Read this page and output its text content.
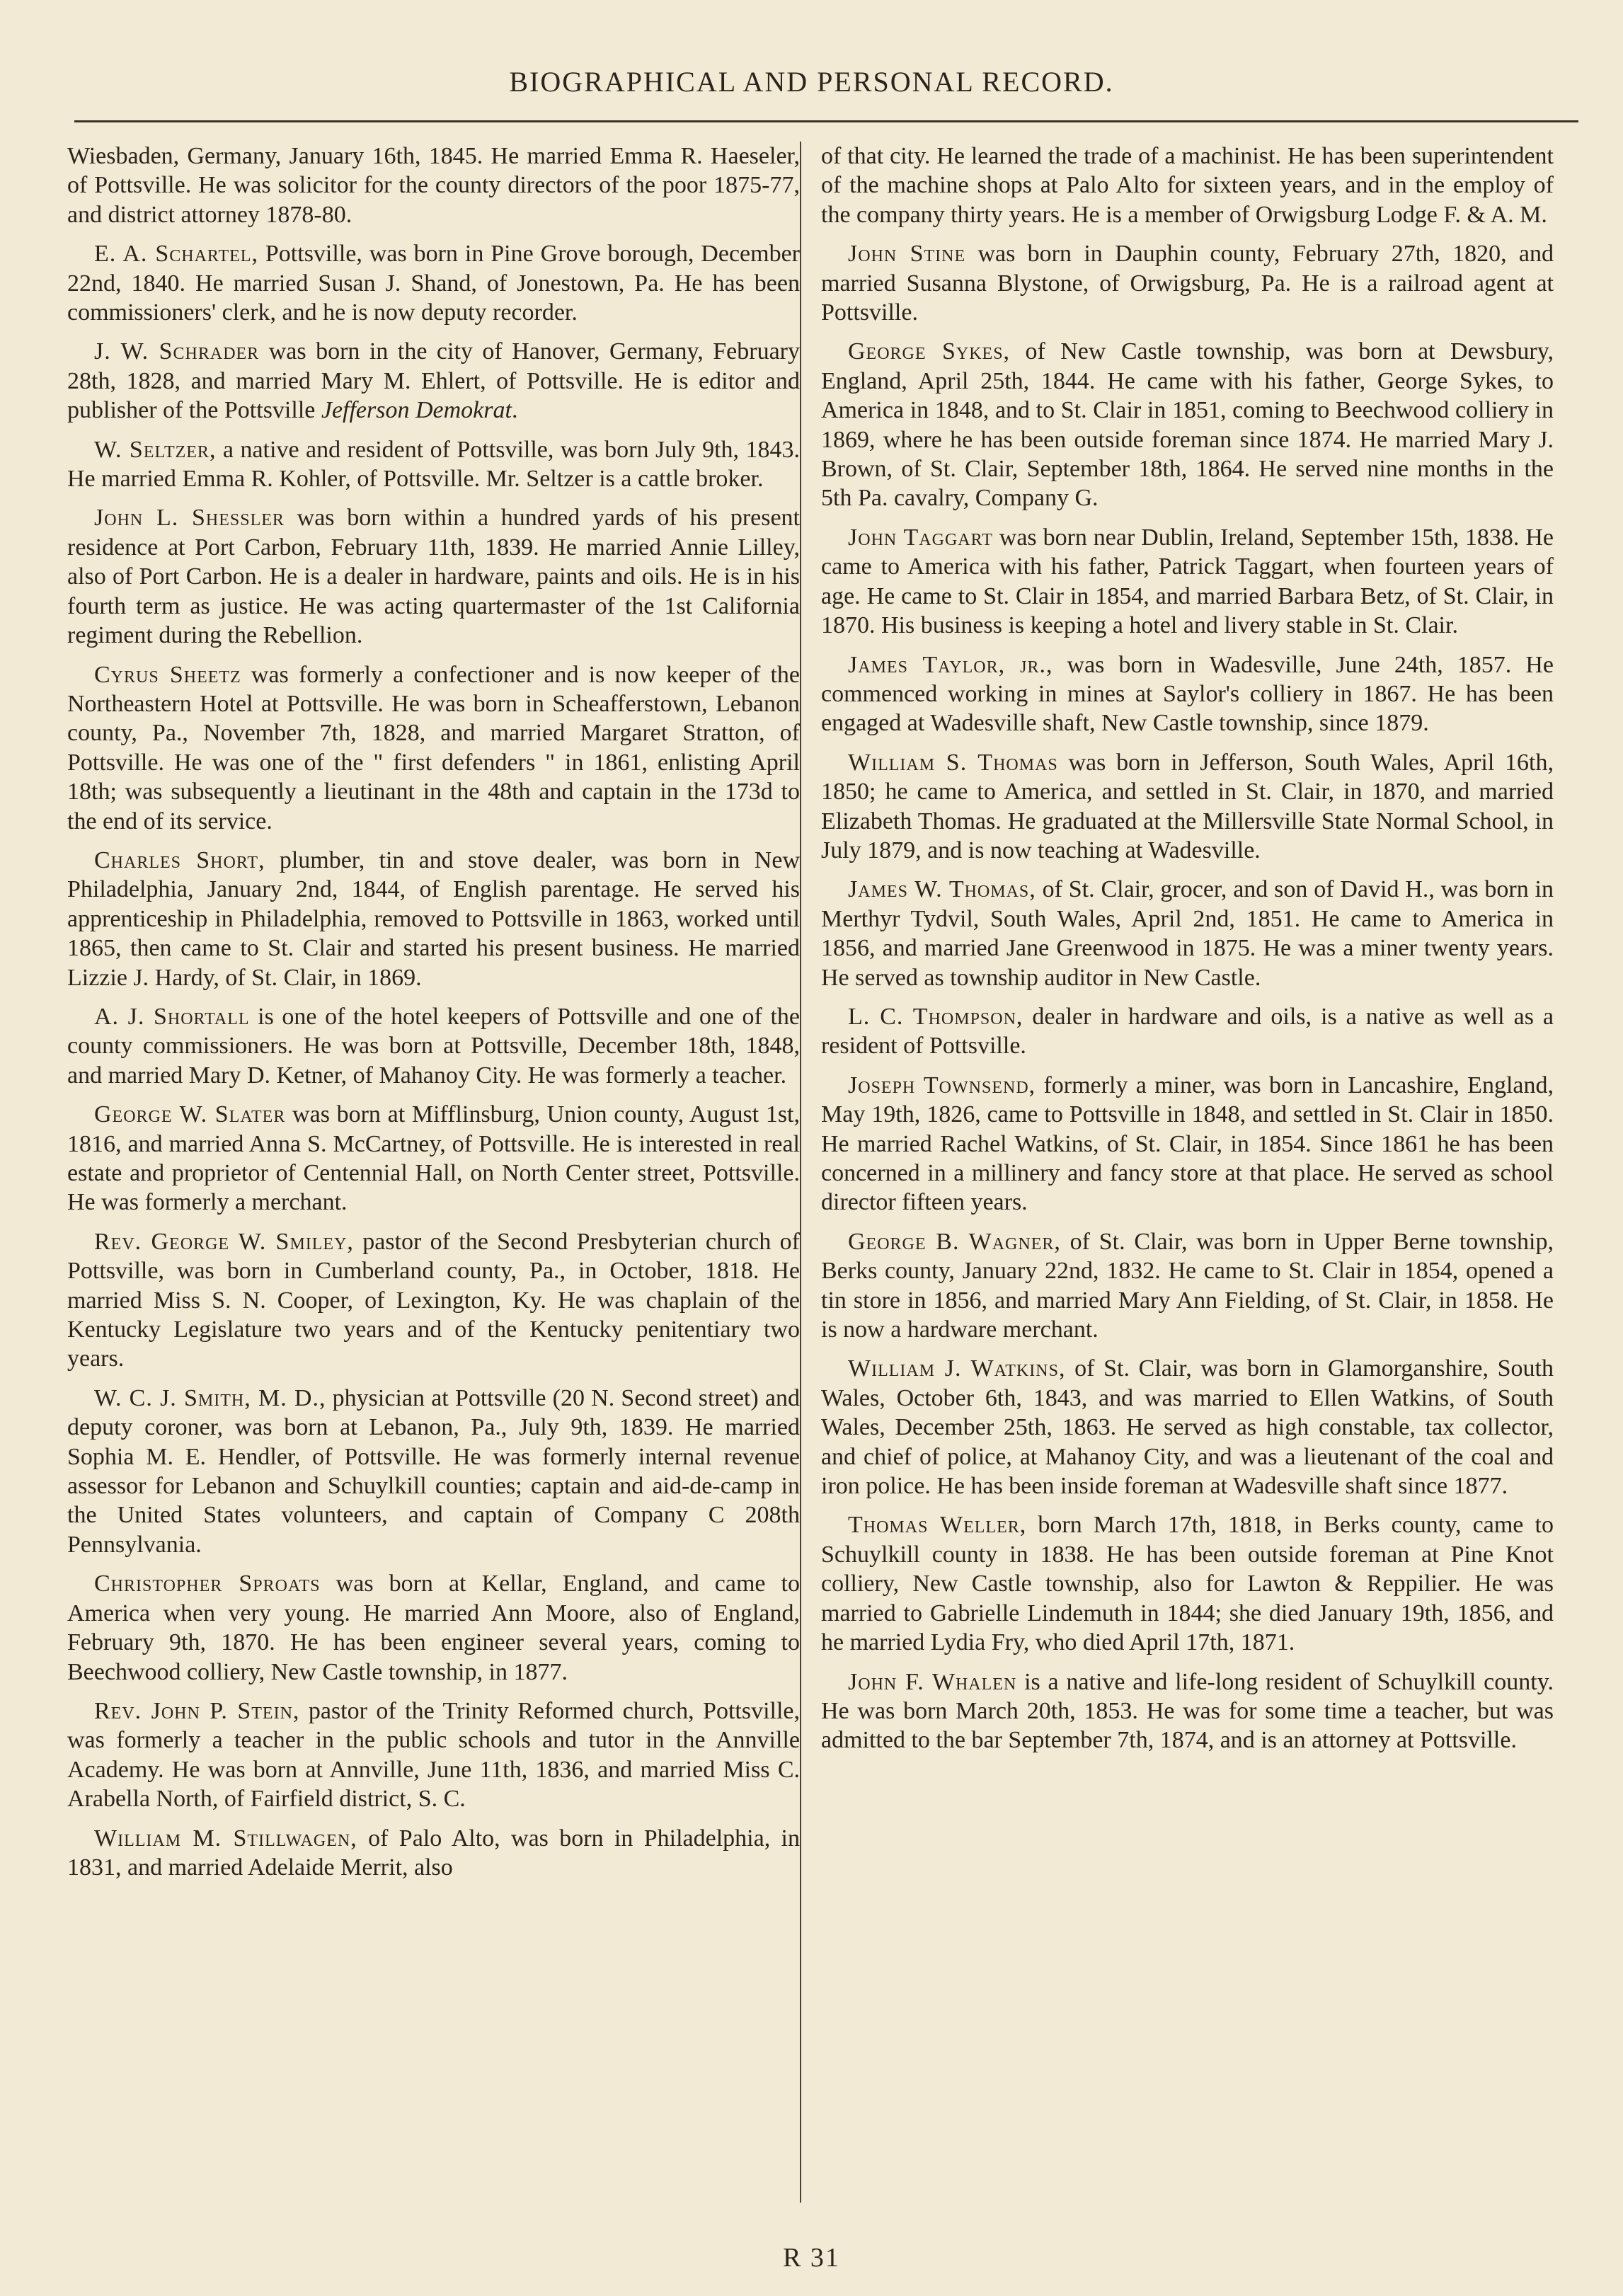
BIOGRAPHICAL AND PERSONAL RECORD.

Wiesbaden, Germany, January 16th, 1845. He married Emma R. Haeseler, of Pottsville. He was solicitor for the county directors of the poor 1875-77, and district attorney 1878-80.

E. A. Schartel, Pottsville, was born in Pine Grove borough, December 22nd, 1840. He married Susan J. Shand, of Jonestown, Pa. He has been commissioners' clerk, and he is now deputy recorder.

J. W. Schrader was born in the city of Hanover, Germany, February 28th, 1828, and married Mary M. Ehlert, of Pottsville. He is editor and publisher of the Pottsville Jefferson Demokrat.

W. Seltzer, a native and resident of Pottsville, was born July 9th, 1843. He married Emma R. Kohler, of Pottsville. Mr. Seltzer is a cattle broker.

John L. Shessler was born within a hundred yards of his present residence at Port Carbon, February 11th, 1839. He married Annie Lilley, also of Port Carbon. He is a dealer in hardware, paints and oils. He is in his fourth term as justice. He was acting quartermaster of the 1st California regiment during the Rebellion.

Cyrus Sheetz was formerly a confectioner and is now keeper of the Northeastern Hotel at Pottsville. He was born in Scheafferstown, Lebanon county, Pa., November 7th, 1828, and married Margaret Stratton, of Pottsville. He was one of the " first defenders " in 1861, enlisting April 18th; was subsequently a lieutinant in the 48th and captain in the 173d to the end of its service.

Charles Short, plumber, tin and stove dealer, was born in New Philadelphia, January 2nd, 1844, of English parentage. He served his apprenticeship in Philadelphia, removed to Pottsville in 1863, worked until 1865, then came to St. Clair and started his present business. He married Lizzie J. Hardy, of St. Clair, in 1869.

A. J. Shortall is one of the hotel keepers of Pottsville and one of the county commissioners. He was born at Pottsville, December 18th, 1848, and married Mary D. Ketner, of Mahanoy City. He was formerly a teacher.

George W. Slater was born at Mifflinsburg, Union county, August 1st, 1816, and married Anna S. McCartney, of Pottsville. He is interested in real estate and proprietor of Centennial Hall, on North Center street, Pottsville. He was formerly a merchant.

Rev. George W. Smiley, pastor of the Second Presbyterian church of Pottsville, was born in Cumberland county, Pa., in October, 1818. He married Miss S. N. Cooper, of Lexington, Ky. He was chaplain of the Kentucky Legislature two years and of the Kentucky penitentiary two years.

W. C. J. Smith, M. D., physician at Pottsville (20 N. Second street) and deputy coroner, was born at Lebanon, Pa., July 9th, 1839. He married Sophia M. E. Hendler, of Pottsville. He was formerly internal revenue assessor for Lebanon and Schuylkill counties; captain and aid-de-camp in the United States volunteers, and captain of Company C 208th Pennsylvania.

Christopher Sproats was born at Kellar, England, and came to America when very young. He married Ann Moore, also of England, February 9th, 1870. He has been engineer several years, coming to Beechwood colliery, New Castle township, in 1877.

Rev. John P. Stein, pastor of the Trinity Reformed church, Pottsville, was formerly a teacher in the public schools and tutor in the Annville Academy. He was born at Annville, June 11th, 1836, and married Miss C. Arabella North, of Fairfield district, S. C.

William M. Stillwagen, of Palo Alto, was born in Philadelphia, in 1831, and married Adelaide Merrit, also

of that city. He learned the trade of a machinist. He has been superintendent of the machine shops at Palo Alto for sixteen years, and in the employ of the company thirty years. He is a member of Orwigsburg Lodge F. & A. M.

John Stine was born in Dauphin county, February 27th, 1820, and married Susanna Blystone, of Orwigsburg, Pa. He is a railroad agent at Pottsville.

George Sykes, of New Castle township, was born at Dewsbury, England, April 25th, 1844. He came with his father, George Sykes, to America in 1848, and to St. Clair in 1851, coming to Beechwood colliery in 1869, where he has been outside foreman since 1874. He married Mary J. Brown, of St. Clair, September 18th, 1864. He served nine months in the 5th Pa. cavalry, Company G.

John Taggart was born near Dublin, Ireland, September 15th, 1838. He came to America with his father, Patrick Taggart, when fourteen years of age. He came to St. Clair in 1854, and married Barbara Betz, of St. Clair, in 1870. His business is keeping a hotel and livery stable in St. Clair.

James Taylor, jr., was born in Wadesville, June 24th, 1857. He commenced working in mines at Saylor's colliery in 1867. He has been engaged at Wadesville shaft, New Castle township, since 1879.

William S. Thomas was born in Jefferson, South Wales, April 16th, 1850; he came to America, and settled in St. Clair, in 1870, and married Elizabeth Thomas. He graduated at the Millersville State Normal School, in July 1879, and is now teaching at Wadesville.

James W. Thomas, of St. Clair, grocer, and son of David H., was born in Merthyr Tydvil, South Wales, April 2nd, 1851. He came to America in 1856, and married Jane Greenwood in 1875. He was a miner twenty years. He served as township auditor in New Castle.

L. C. Thompson, dealer in hardware and oils, is a native as well as a resident of Pottsville.

Joseph Townsend, formerly a miner, was born in Lancashire, England, May 19th, 1826, came to Pottsville in 1848, and settled in St. Clair in 1850. He married Rachel Watkins, of St. Clair, in 1854. Since 1861 he has been concerned in a millinery and fancy store at that place. He served as school director fifteen years.

George B. Wagner, of St. Clair, was born in Upper Berne township, Berks county, January 22nd, 1832. He came to St. Clair in 1854, opened a tin store in 1856, and married Mary Ann Fielding, of St. Clair, in 1858. He is now a hardware merchant.

William J. Watkins, of St. Clair, was born in Glamorganshire, South Wales, October 6th, 1843, and was married to Ellen Watkins, of South Wales, December 25th, 1863. He served as high constable, tax collector, and chief of police, at Mahanoy City, and was a lieutenant of the coal and iron police. He has been inside foreman at Wadesville shaft since 1877.

Thomas Weller, born March 17th, 1818, in Berks county, came to Schuylkill county in 1838. He has been outside foreman at Pine Knot colliery, New Castle township, also for Lawton & Reppilier. He was married to Gabrielle Lindemuth in 1844; she died January 19th, 1856, and he married Lydia Fry, who died April 17th, 1871.

John F. Whalen is a native and life-long resident of Schuylkill county. He was born March 20th, 1853. He was for some time a teacher, but was admitted to the bar September 7th, 1874, and is an attorney at Pottsville.

R 31
